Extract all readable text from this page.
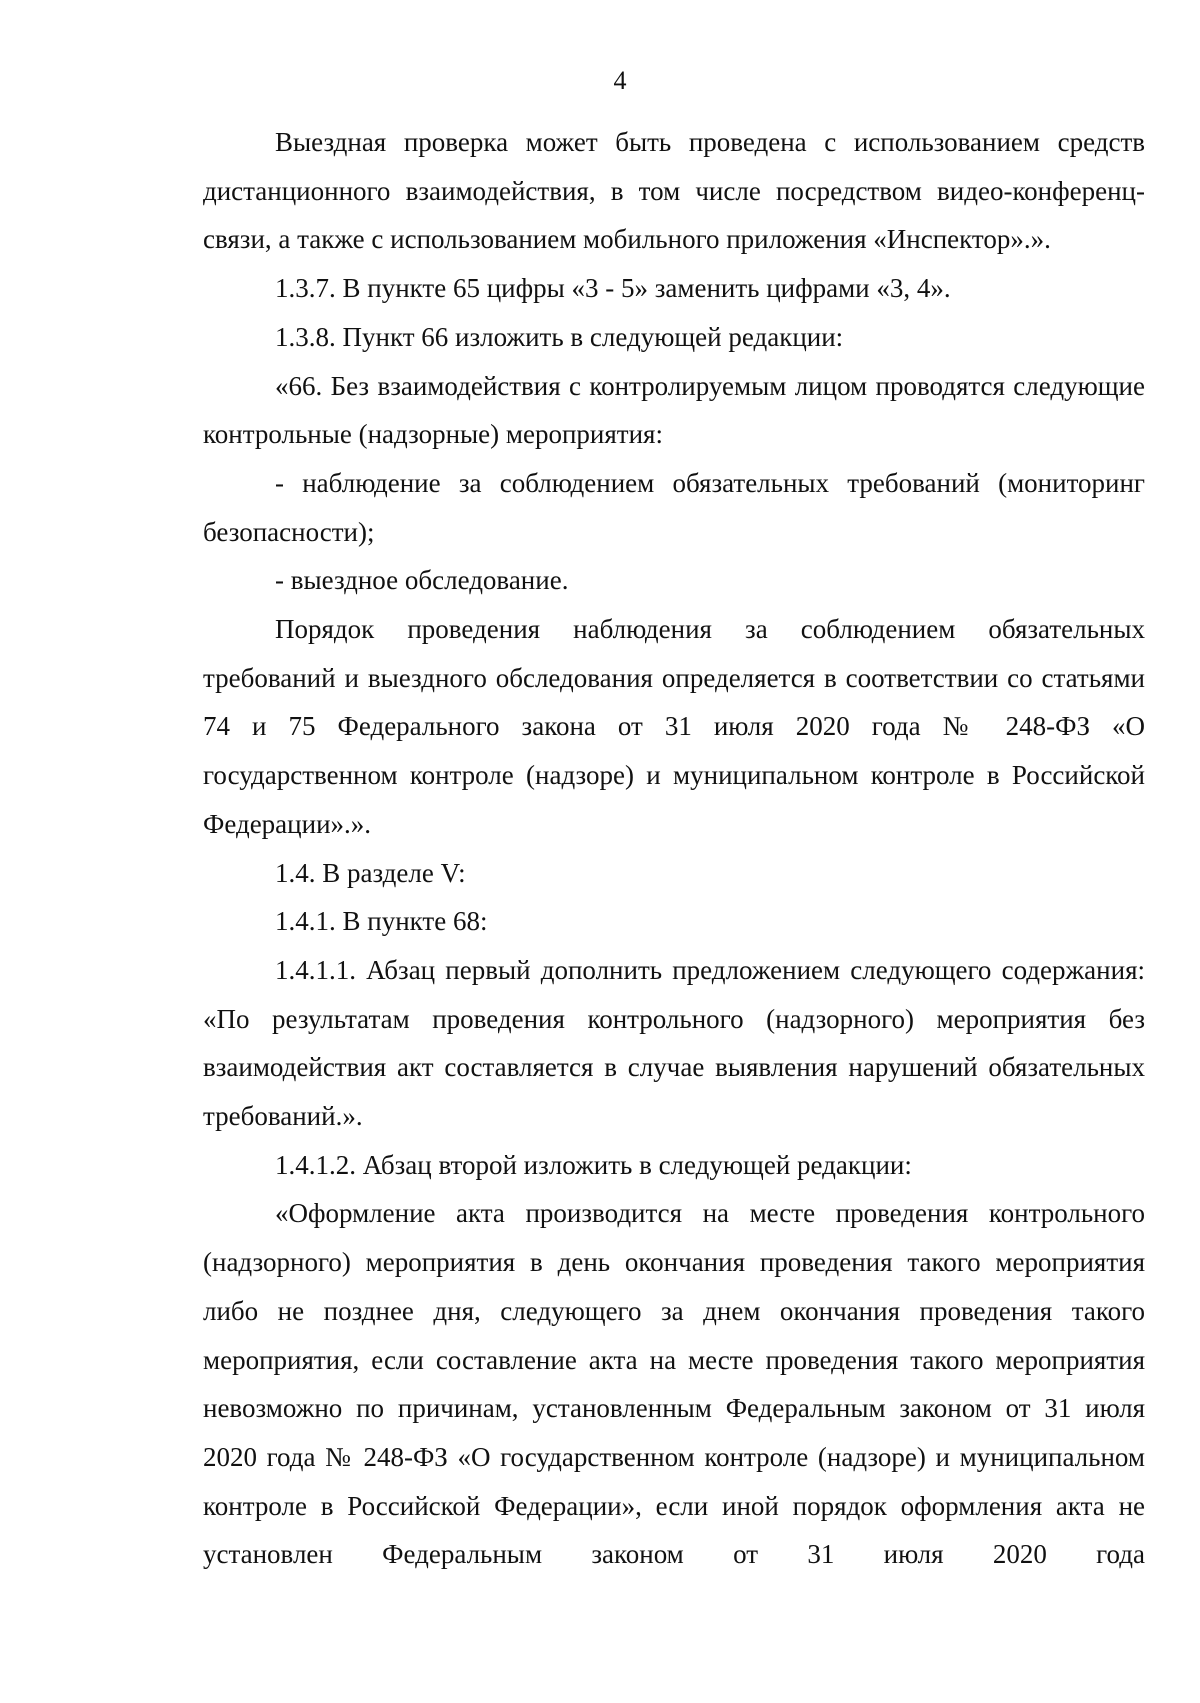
4

Выездная проверка может быть проведена с использованием средств дистанционного взаимодействия, в том числе посредством видео-конференц-связи, а также с использованием мобильного приложения «Инспектор».».

1.3.7. В пункте 65 цифры «3 - 5» заменить цифрами «3, 4».

1.3.8. Пункт 66 изложить в следующей редакции:

«66. Без взаимодействия с контролируемым лицом проводятся следующие контрольные (надзорные) мероприятия:

- наблюдение за соблюдением обязательных требований (мониторинг безопасности);

- выездное обследование.

Порядок проведения наблюдения за соблюдением обязательных требований и выездного обследования определяется в соответствии со статьями 74 и 75 Федерального закона от 31 июля 2020 года № 248-ФЗ «О государственном контроле (надзоре) и муниципальном контроле в Российской Федерации».».

1.4. В разделе V:

1.4.1. В пункте 68:

1.4.1.1. Абзац первый дополнить предложением следующего содержания: «По результатам проведения контрольного (надзорного) мероприятия без взаимодействия акт составляется в случае выявления нарушений обязательных требований.».

1.4.1.2. Абзац второй изложить в следующей редакции:

«Оформление акта производится на месте проведения контрольного (надзорного) мероприятия в день окончания проведения такого мероприятия либо не позднее дня, следующего за днем окончания проведения такого мероприятия, если составление акта на месте проведения такого мероприятия невозможно по причинам, установленным Федеральным законом от 31 июля 2020 года № 248-ФЗ «О государственном контроле (надзоре) и муниципальном контроле в Российской Федерации», если иной порядок оформления акта не установлен Федеральным законом от 31 июля 2020 года
